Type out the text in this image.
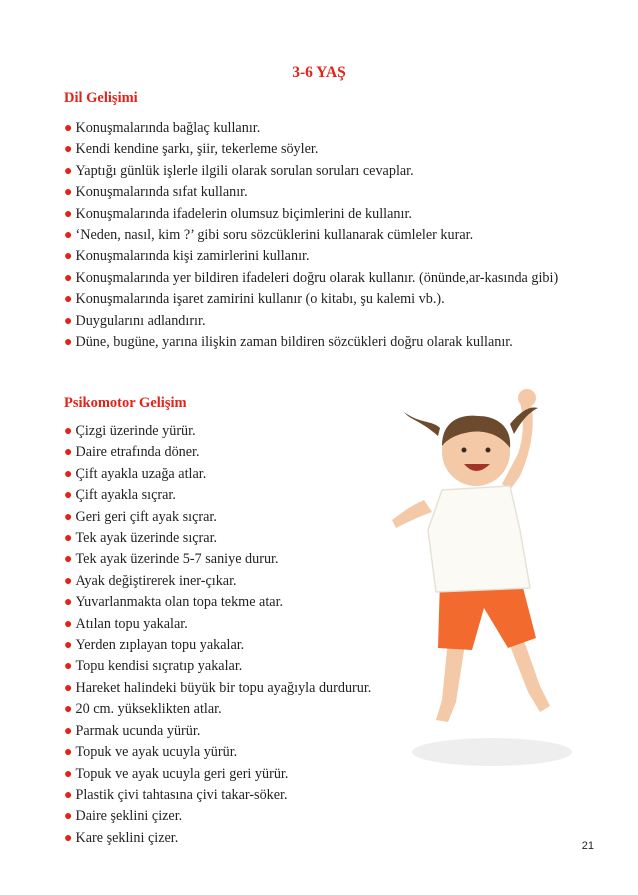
3-6 YAŞ
Dil Gelişimi
● Konuşmalarında bağlaç kullanır.
● Kendi kendine şarkı, şiir, tekerleme söyler.
● Yaptığı günlük işlerle ilgili olarak sorulan soruları cevaplar.
● Konuşmalarında sıfat kullanır.
● Konuşmalarında ifadelerin olumsuz biçimlerini de kullanır.
● ‘Neden, nasıl, kim ?’ gibi soru sözcüklerini kullanarak cümleler kurar.
● Konuşmalarında kişi zamirlerini kullanır.
● Konuşmalarında yer bildiren ifadeleri doğru olarak kullanır. (önünde,ar-kasında gibi)
● Konuşmalarında işaret zamirini kullanır (o kitabı, şu kalemi vb.).
● Duygularını adlandırır.
● Düne, bugüne, yarına ilişkin zaman bildiren sözcükleri doğru olarak kullanır.
Psikomotor Gelişim
● Çizgi üzerinde yürür.
● Daire etrafında döner.
● Çift ayakla uzağa atlar.
● Çift ayakla sıçrar.
● Geri geri çift ayak sıçrar.
● Tek ayak üzerinde sıçrar.
● Tek ayak üzerinde 5-7 saniye durur.
● Ayak değiştirerek iner-çıkar.
● Yuvarlanmakta olan topa tekme atar.
● Atılan topu yakalar.
● Yerden zıplayan topu yakalar.
● Topu kendisi sıçratıp yakalar.
● Hareket halindeki büyük bir topu ayağıyla durdurur.
● 20 cm. yükseklikten atlar.
● Parmak ucunda yürür.
● Topuk ve ayak ucuyla yürür.
● Topuk ve ayak ucuyla geri geri yürür.
● Plastik çivi tahtasına çivi takar-söker.
● Daire şeklini çizer.
● Kare şeklini çizer.
21
